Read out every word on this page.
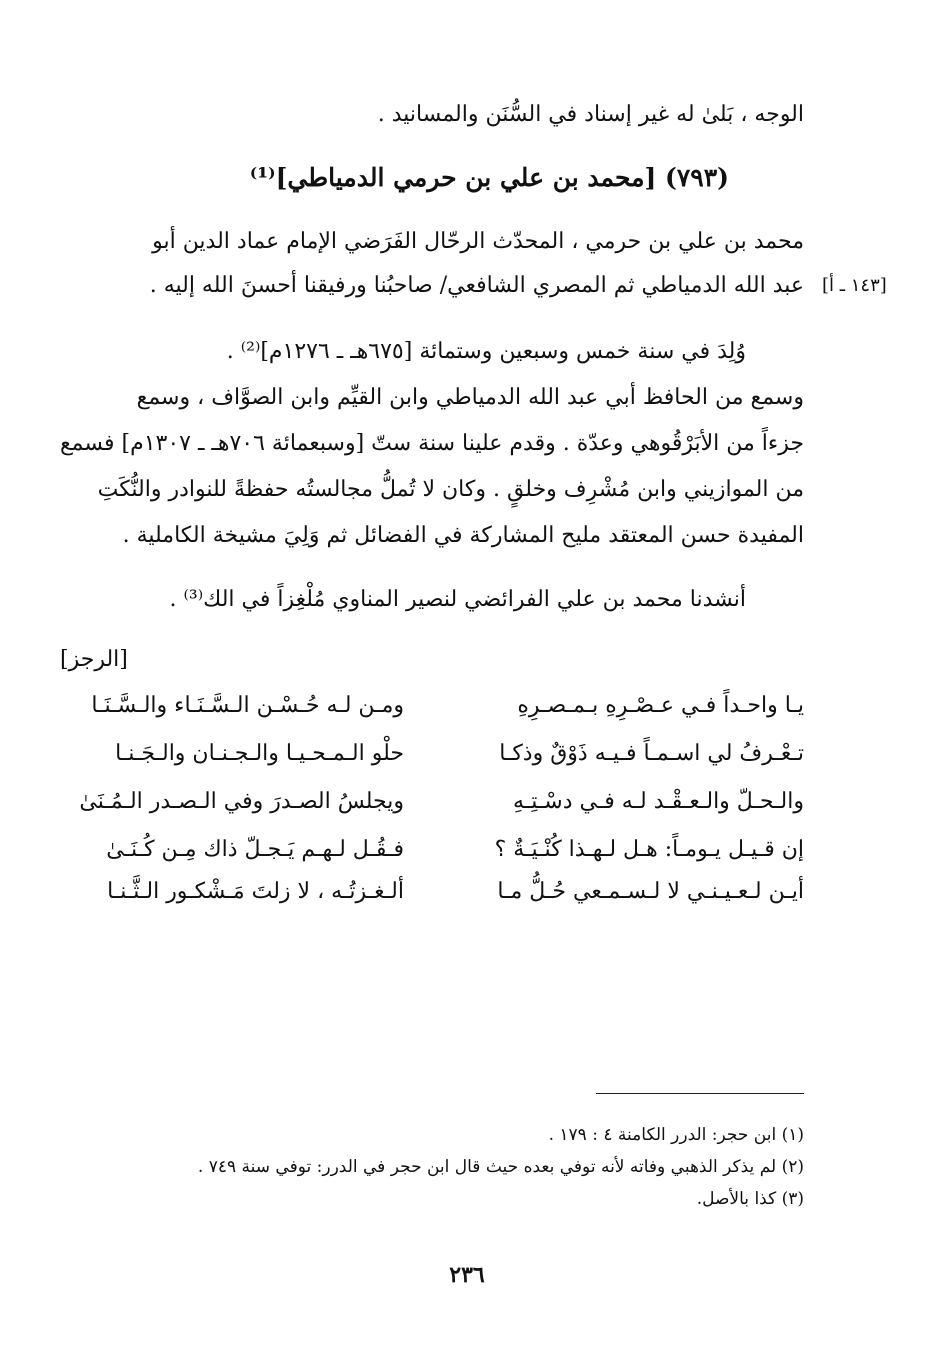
الوجه ، بَلىٰ له غير إسناد في السُّنَن والمسانيد .
(٧٩٣) [محمد بن علي بن حرمي الدمياطي]⁽¹⁾
محمد بن علي بن حرمي ، المحدّث الرحّال الفَرَضي الإمام عماد الدين أبو
عبد الله الدمياطي ثم المصري الشافعي/ صاحبُنا ورفيقنا أحسنَ الله إليه . [١٤٣ ـ أ]
وُلِدَ في سنة خمس وسبعين وستمائة [٦٧٥هـ ـ ١٢٧٦م]⁽²⁾ .
وسمع من الحافظ أبي عبد الله الدمياطي وابن القيِّم وابن الصوَّاف ، وسمع
جزءاً من الأبَرْقُوهي وعدّة . وقدم علينا سنة ستّ [وسبعمائة ٧٠٦هـ ـ ١٣٠٧م] فسمع
من الموازيني وابن مُشْرِف وخلقٍ . وكان لا تُملُّ مجالستُه حفظةً للنوادر والنُّكَتِ
المفيدة حسن المعتقد مليح المشاركة في الفضائل ثم وَلِيَ مشيخة الكاملية .
أنشدنا محمد بن علي الفرائضي لنصير المناوي مُلْغِزاً في الك⁽³⁾ .
[الرجز]
يـا واحـداً فـي عـصْـرِهِ بـمـصـرِهِ
ومـن لـه حُـسْـن الـسَّـنَـاء والـسَّـنَـا
تـعْـرفُ لي اسـمـاً فـيـه ذَوْقٌ وذكـا
حلْو الـمـحـيـا والـجـنـان والـجَـنـا
والـحـلّ والـعـقْـد لـه فـي دسْـتِـهِ
ويجلسُ الصـدرَ وفي الـصـدر الـمُـنَىٰ
إن قـيـل يـومـاً: هـل لـهـذا كُنْـيَـةٌ ؟
فـقُـل لـهـم يَـجـلّ ذاك مِـن كُـنَـىٰ
أيـن لـعـيـنـي لا لـسـمـعي حُـلُّ مـا
ألـغـزتُـه ، لا زلتَ مَـشْكـور الـثَّـنـا
(١) ابن حجر: الدرر الكامنة ٤ : ١٧٩ .
(٢) لم يذكر الذهبي وفاته لأنه توفي بعده حيث قال ابن حجر في الدرر: توفي سنة ٧٤٩ .
(٣) كذا بالأصل.
٢٣٦
